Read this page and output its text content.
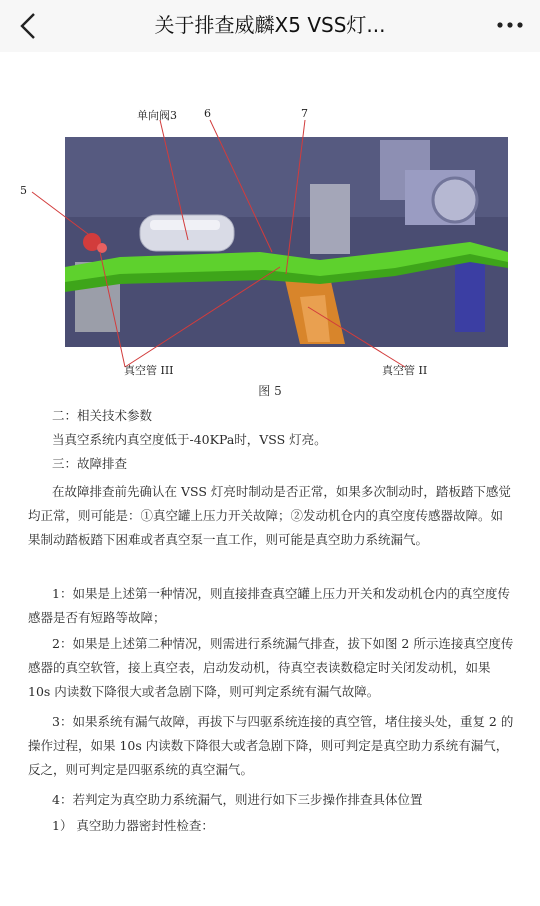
关于排查威麟X5 VSS灯...
单向阀3 6	7
5
真空管 III	真空管 II
图 5
二：相关技术参数
当真空系统内真空度低于-40KPa时，VSS 灯亮。
三：故障排查
在故障排查前先确认在 VSS 灯亮时制动是否正常，如果多次制动时，踏板踏下感觉均正常，则可能是：①真空罐上压力开关故障；②发动机仓内的真空度传感器故障。如果制动踏板踏下困难或者真空泵一直工作，则可能是真空助力系统漏气。
1：如果是上述第一种情况，则直接排查真空罐上压力开关和发动机仓内的真空度传感器是否有短路等故障；
2：如果是上述第二种情况，则需进行系统漏气排查，拔下如图 2 所示连接真空度传感器的真空软管，接上真空表，启动发动机，待真空表读数稳定时关闭发动机，如果 10s 内读数下降很大或者急剧下降，则可判定系统有漏气故障。
3：如果系统有漏气故障，再拔下与四驱系统连接的真空管，堵住接头处，重复 2 的操作过程，如果 10s 内读数下降很大或者急剧下降，则可判定是真空助力系统有漏气，反之，则可判定是四驱系统的真空漏气。
4：若判定为真空助力系统漏气，则进行如下三步操作排查具体位置
1） 真空助力器密封性检查：
